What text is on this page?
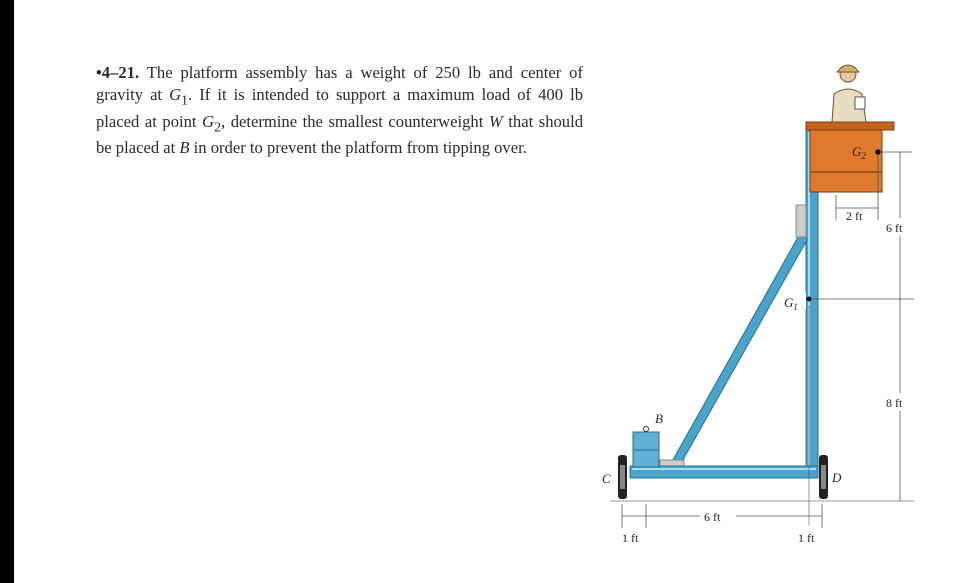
•4–21. The platform assembly has a weight of 250 lb and center of gravity at $G_1$. If it is intended to support a maximum load of 400 lb placed at point $G_2$, determine the smallest counterweight W that should be placed at B in order to prevent the platform from tipping over.	$G_2$
$G_1$
2 ft
6 ft
8 ft
B
C	D
6 ft
1 ft	1 ft
